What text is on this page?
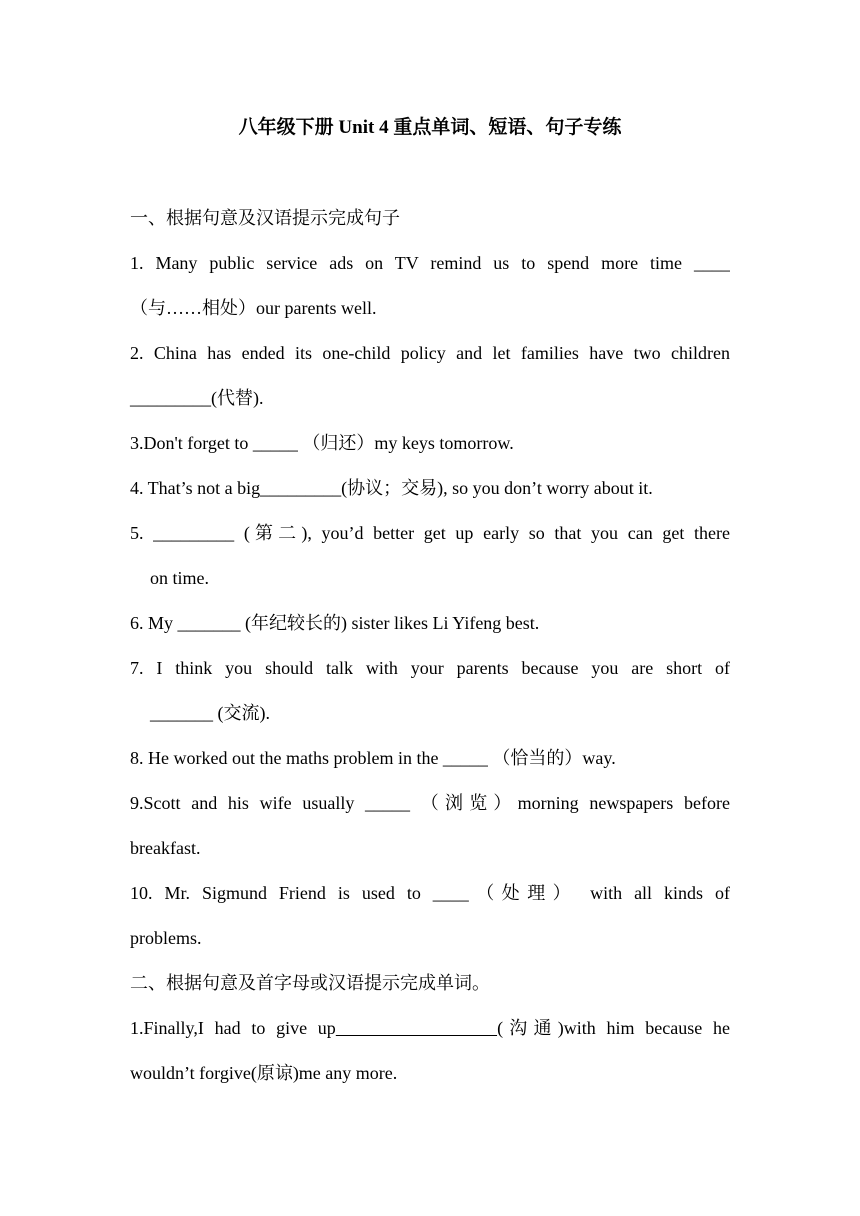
八年级下册 Unit 4 重点单词、短语、句子专练
一、根据句意及汉语提示完成句子
1. Many public service ads on TV remind us to spend more time ____
（与……相处）our parents well.
2. China has ended its one-child policy and let families have two children
_________(代替).
3.Don't forget to _____ （归还）my keys tomorrow.
4. That’s not a big_________(协议；交易), so you don’t worry about it.
5. _________ (第二), you’d better get up early so that you can get there
on time.
6. My _______ (年纪较长的) sister likes Li Yifeng best.
7. I think you should talk with your parents because you are short of
_______ (交流).
8. He worked out the maths problem in the _____ （恰当的）way.
9.Scott and his wife usually _____ （浏览）morning newspapers before
breakfast.
10. Mr. Sigmund Friend is used to ____（处理） with all kinds of
problems.
二、根据句意及首字母或汉语提示完成单词。
1.Finally,I had to give up	(沟通)with him because he
wouldn’t forgive(原谅)me any more.
